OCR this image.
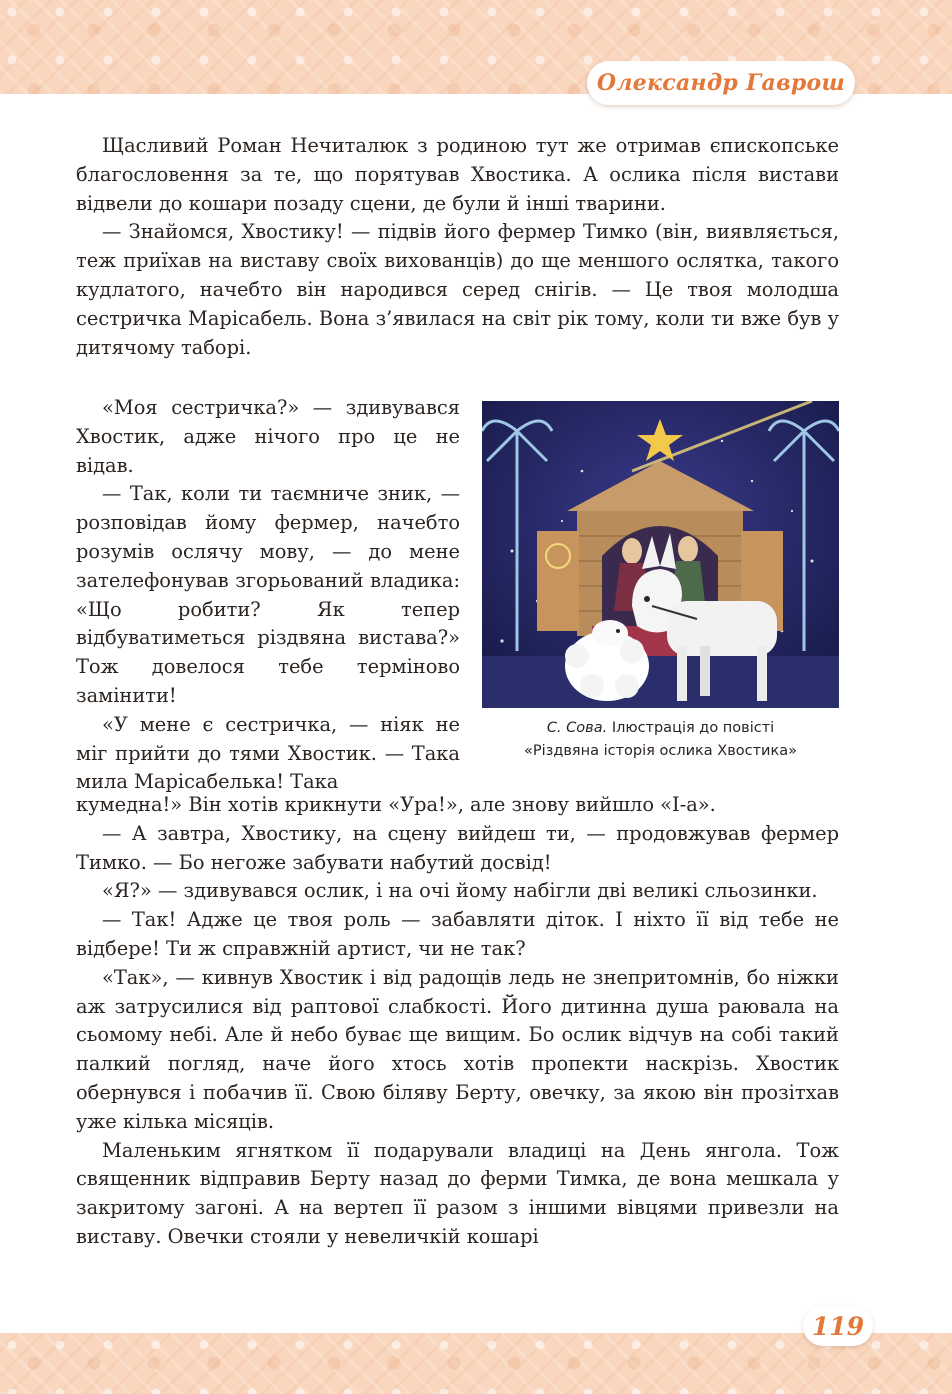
Олександр Гаврош

Щасливий Роман Нечиталюк з родиною тут же отримав єпископське благословення за те, що порятував Хвостика. А ослика після вистави відвели до кошари позаду сцени, де були й інші тварини.

— Знайомся, Хвостику! — підвів його фермер Тимко (він, виявляється, теж приїхав на виставу своїх вихованців) до ще меншого ослятка, такого кудлатого, начебто він народився серед снігів. — Це твоя молодша сестричка Марісабель. Вона з’явилася на світ рік тому, коли ти вже був у дитячому таборі.

«Моя сестричка?» — здивувався Хвостик, адже нічого про це не відав.

— Так, коли ти таємниче зник, — розповідав йому фермер, начебто розумів ослячу мову, — до мене зателефонував згорьований владика: «Що робити? Як тепер відбуватиметься різдвяна вистава?» Тож довелося тебе терміново замінити!

«У мене є сестричка, — ніяк не міг прийти до тями Хвостик. — Така мила Марісабелька! Така

С. Сова. Ілюстрація до повісті
«Різдвяна історія ослика Хвостика»

кумедна!» Він хотів крикнути «Ура!», але знову вийшло «І-а».

— А завтра, Хвостику, на сцену вийдеш ти, — продовжував фермер Тимко. — Бо негоже забувати набутий досвід!

«Я?» — здивувався ослик, і на очі йому набігли дві великі сльозинки.

— Так! Адже це твоя роль — забавляти діток. І ніхто її від тебе не відбере! Ти ж справжній артист, чи не так?

«Так», — кивнув Хвостик і від радощів ледь не знепритомнів, бо ніжки аж затрусилися від раптової слабкості. Його дитинна душа раювала на сьомому небі. Але й небо буває ще вищим. Бо ослик відчув на собі такий палкий погляд, наче його хтось хотів пропекти наскрізь. Хвостик обернувся і побачив її. Свою біляву Берту, овечку, за якою він прозітхав уже кілька місяців.

Маленьким ягнятком її подарували владиці на День янгола. Тож священник відправив Берту назад до ферми Тимка, де вона мешкала у закритому загоні. А на вертеп її разом з іншими вівцями привезли на виставу. Овечки стояли у невеличкій кошарі

119
